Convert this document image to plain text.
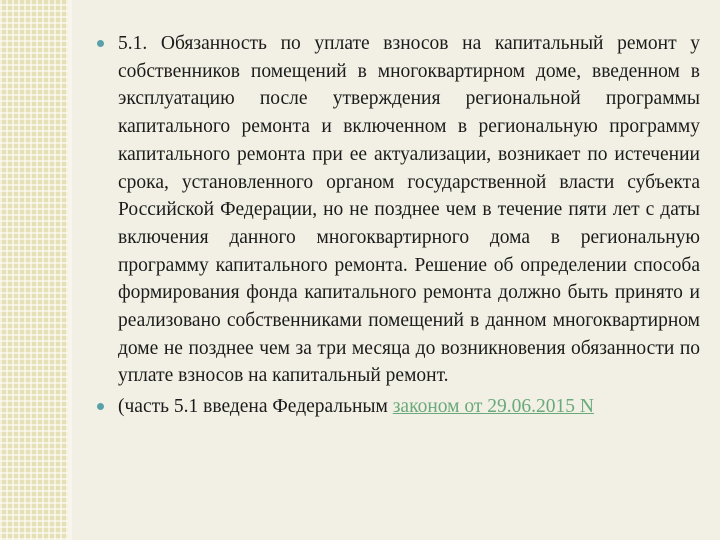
5.1. Обязанность по уплате взносов на капитальный ремонт у собственников помещений в многоквартирном доме, введенном в эксплуатацию после утверждения региональной программы капитального ремонта и включенном в региональную программу капитального ремонта при ее актуализации, возникает по истечении срока, установленного органом государственной власти субъекта Российской Федерации, но не позднее чем в течение пяти лет с даты включения данного многоквартирного дома в региональную программу капитального ремонта. Решение об определении способа формирования фонда капитального ремонта должно быть принято и реализовано собственниками помещений в данном многоквартирном доме не позднее чем за три месяца до возникновения обязанности по уплате взносов на капитальный ремонт.

(часть 5.1 введена Федеральным законом от 29.06.2015 N
